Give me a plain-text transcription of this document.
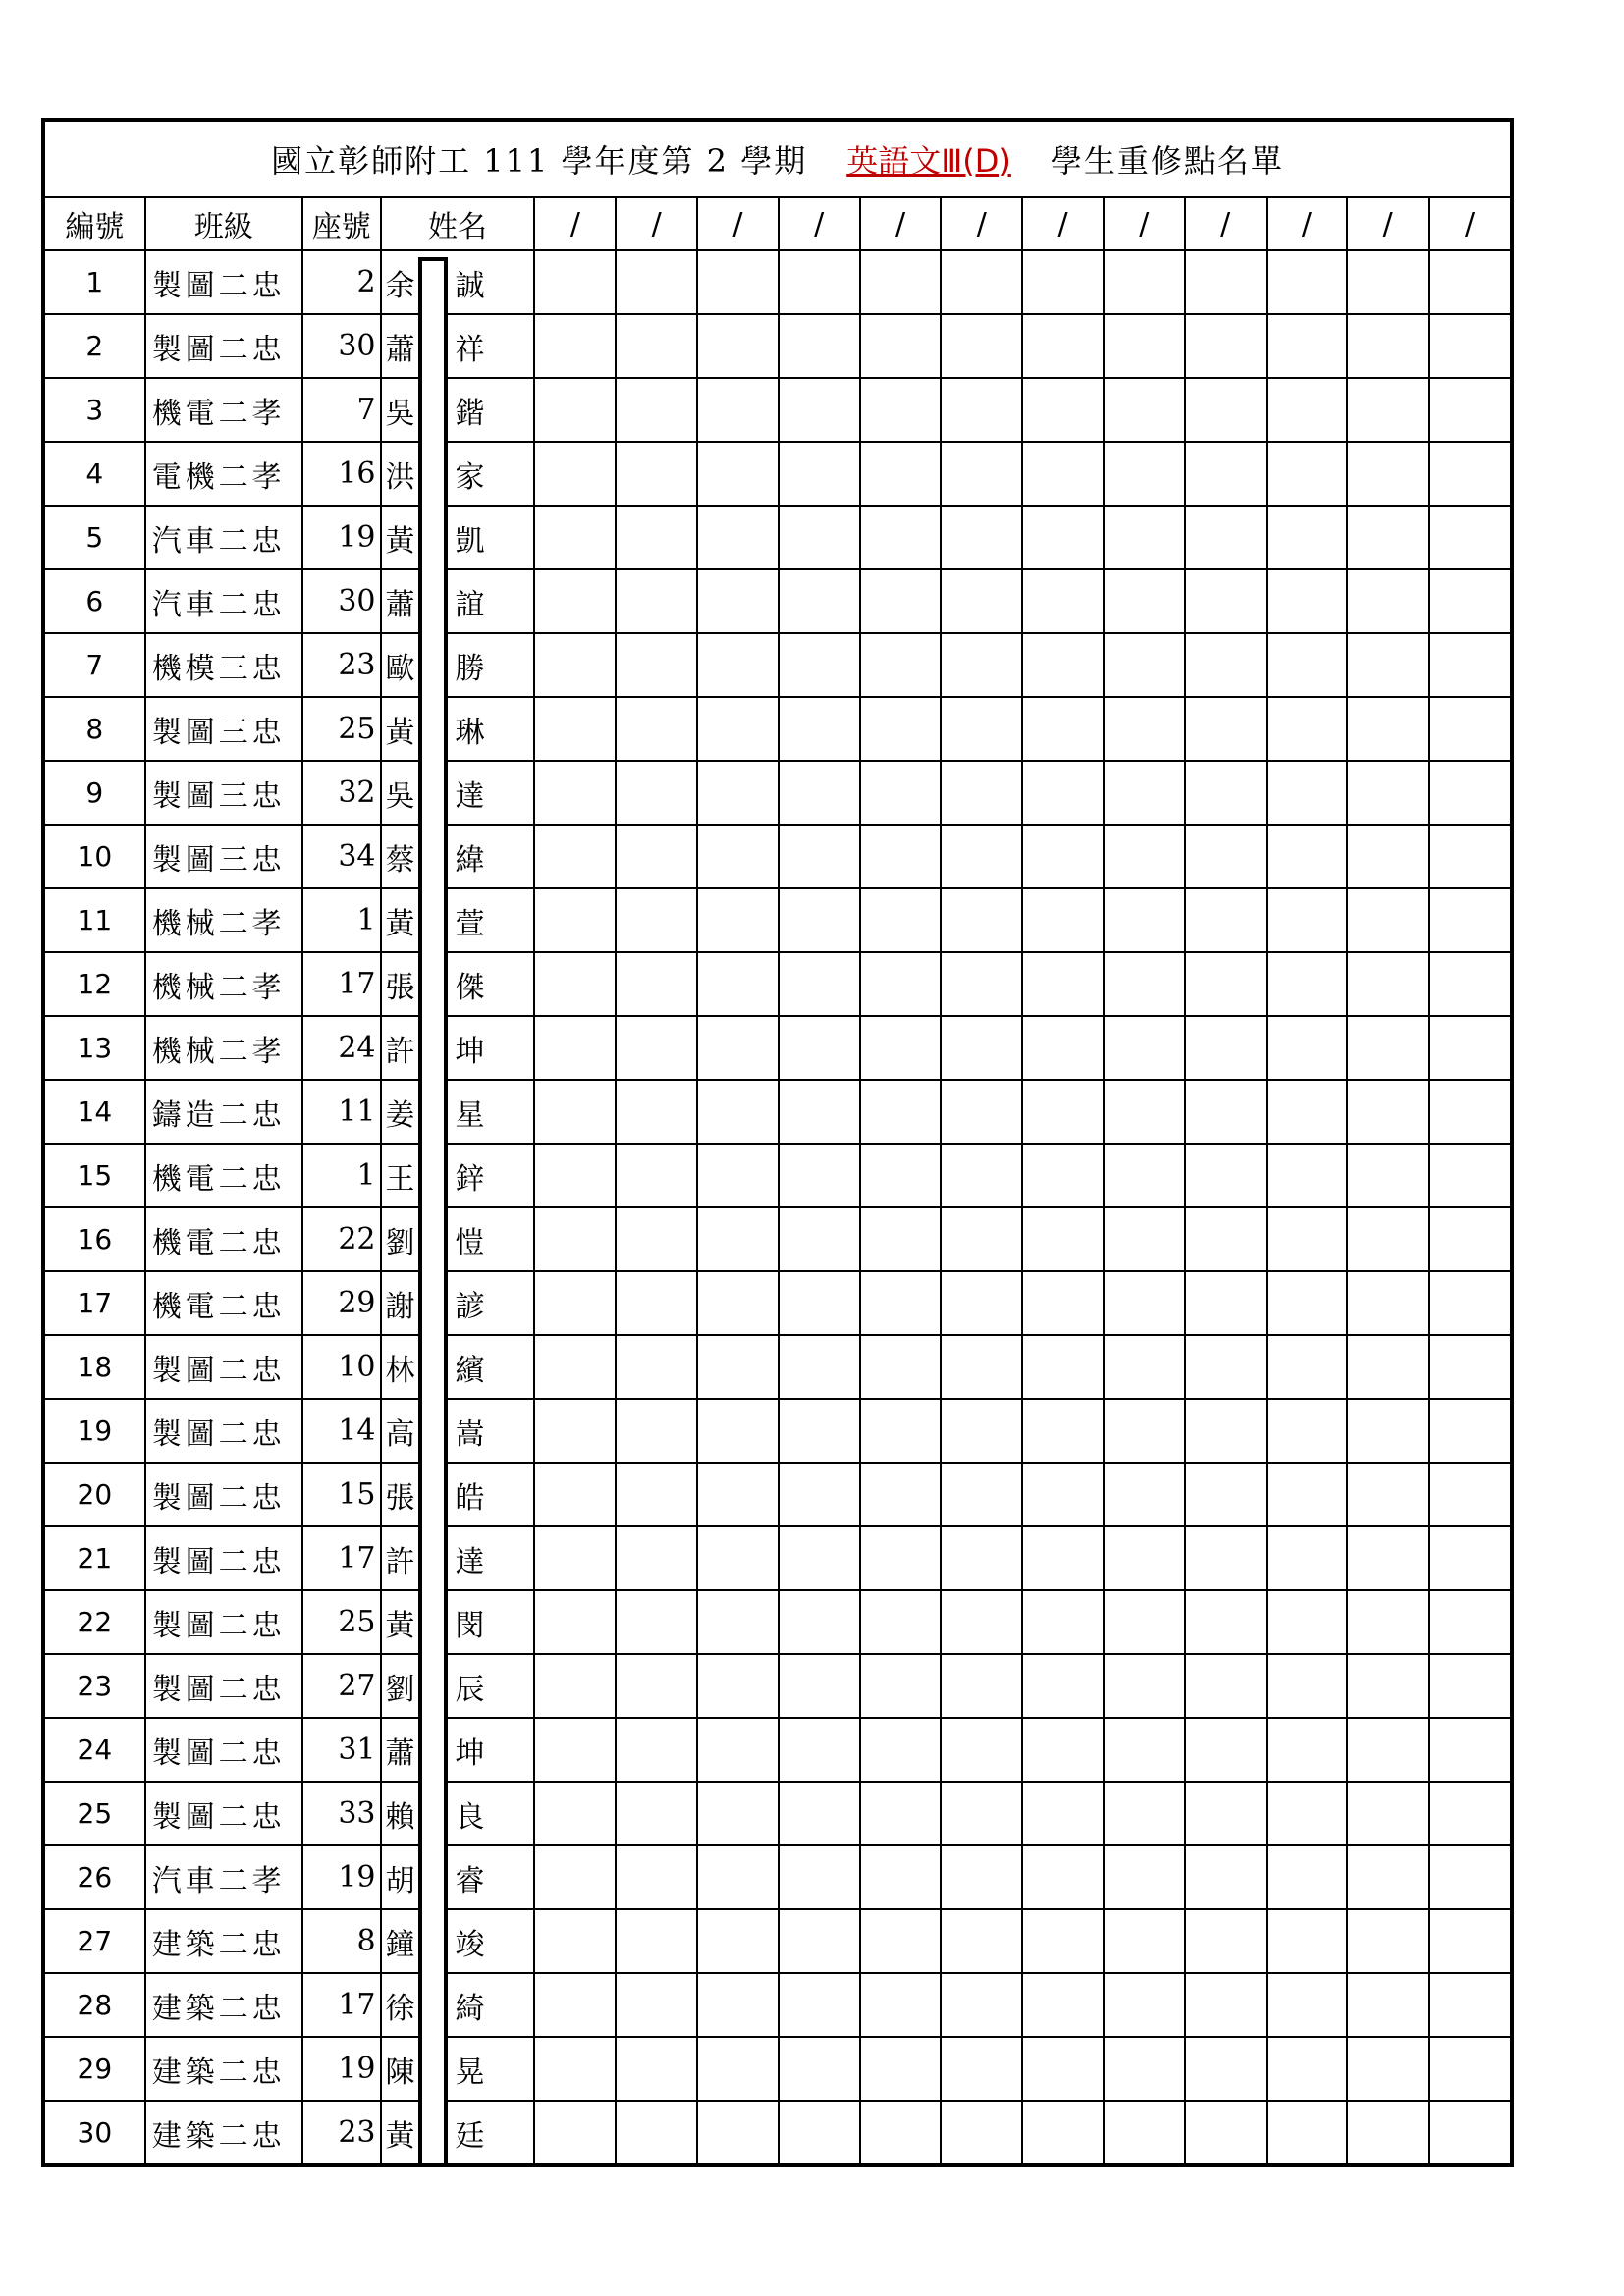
國立彰師附工 111 學年度第 2 學期 英語文Ⅲ(D) 學生重修點名單															
編號	班級	座號	姓名	/	/	/	/	/	/	/	/	/	/	/	/
1	製圖二忠	2	余 誠												

2	製圖二忠	30	蕭 祥												

3	機電二孝	7	吳 鍇												

4	電機二孝	16	洪 家												

5	汽車二忠	19	黃 凱												

6	汽車二忠	30	蕭 誼												

7	機模三忠	23	歐 勝												

8	製圖三忠	25	黃 琳												

9	製圖三忠	32	吳 達												

10	製圖三忠	34	蔡 緯												

11	機械二孝	1	黃 萱												

12	機械二孝	17	張 傑												

13	機械二孝	24	許 坤												

14	鑄造二忠	11	姜 星												

15	機電二忠	1	王 鋅												

16	機電二忠	22	劉 愷												

17	機電二忠	29	謝 諺												

18	製圖二忠	10	林 繽												

19	製圖二忠	14	高 嵩												

20	製圖二忠	15	張 皓												

21	製圖二忠	17	許 達												

22	製圖二忠	25	黃 閔												

23	製圖二忠	27	劉 辰												

24	製圖二忠	31	蕭 坤												

25	製圖二忠	33	賴 良												

26	汽車二孝	19	胡 睿												

27	建築二忠	8	鐘 竣												

28	建築二忠	17	徐 綺												

29	建築二忠	19	陳 晃												

30	建築二忠	23	黃 廷												
